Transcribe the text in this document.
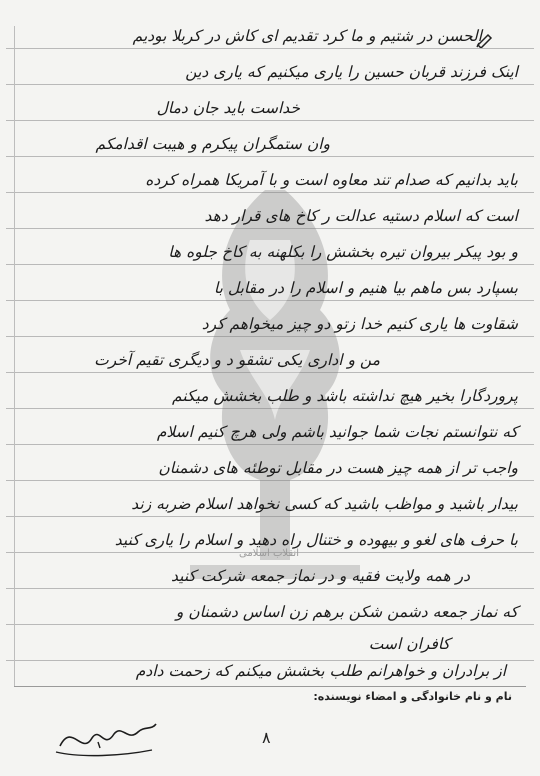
انقلاب اسلامی
الحسن در شتیم و ما کرد تقدیم ای کاش در کربلا بودیم
اینک فرزند قربان حسین را یاری میکنیم که یاری دین
خداست باید جان دمال
وان ستمگران پیکرم و هیبت اقدامکم
باید بدانیم که صدام تند معاوه است و با آمریکا همراه کرده
است که اسلام دستیه عدالت ر کاخ های قرار دهد
و بود پیکر بیروان تیره بخشش را بکلهنه به کاخ جلوه ها
بسپارد بس ماهم بیا هنیم و اسلام را در مقابل با
شقاوت ها یاری کنیم خدا زتو دو چیز میخواهم کرد
من و اداری یکی تشقو د و دیگری تقیم آخرت
پروردگارا بخیر هیچ نداشته باشد و طلب بخشش میکنم
که نتوانستم نجات شما جوانید باشم ولی هرچ کنیم اسلام
واجب تر از همه چیز هست در مقابل توطئه های دشمنان
بیدار باشید و مواظب باشید که کسی نخواهد اسلام ضربه زند
با حرف های لغو و بیهوده و ختنال راه دهید و اسلام را یاری کنید
در همه ولایت فقیه و در نماز جمعه شرکت کنید
که نماز جمعه دشمن شکن برهم زن اساس دشمنان و
کافران است
از برادران و خواهرانم طلب بخشش میکنم که زحمت دادم
نام و نام خانوادگی و امضاء نویسنده:
۸
